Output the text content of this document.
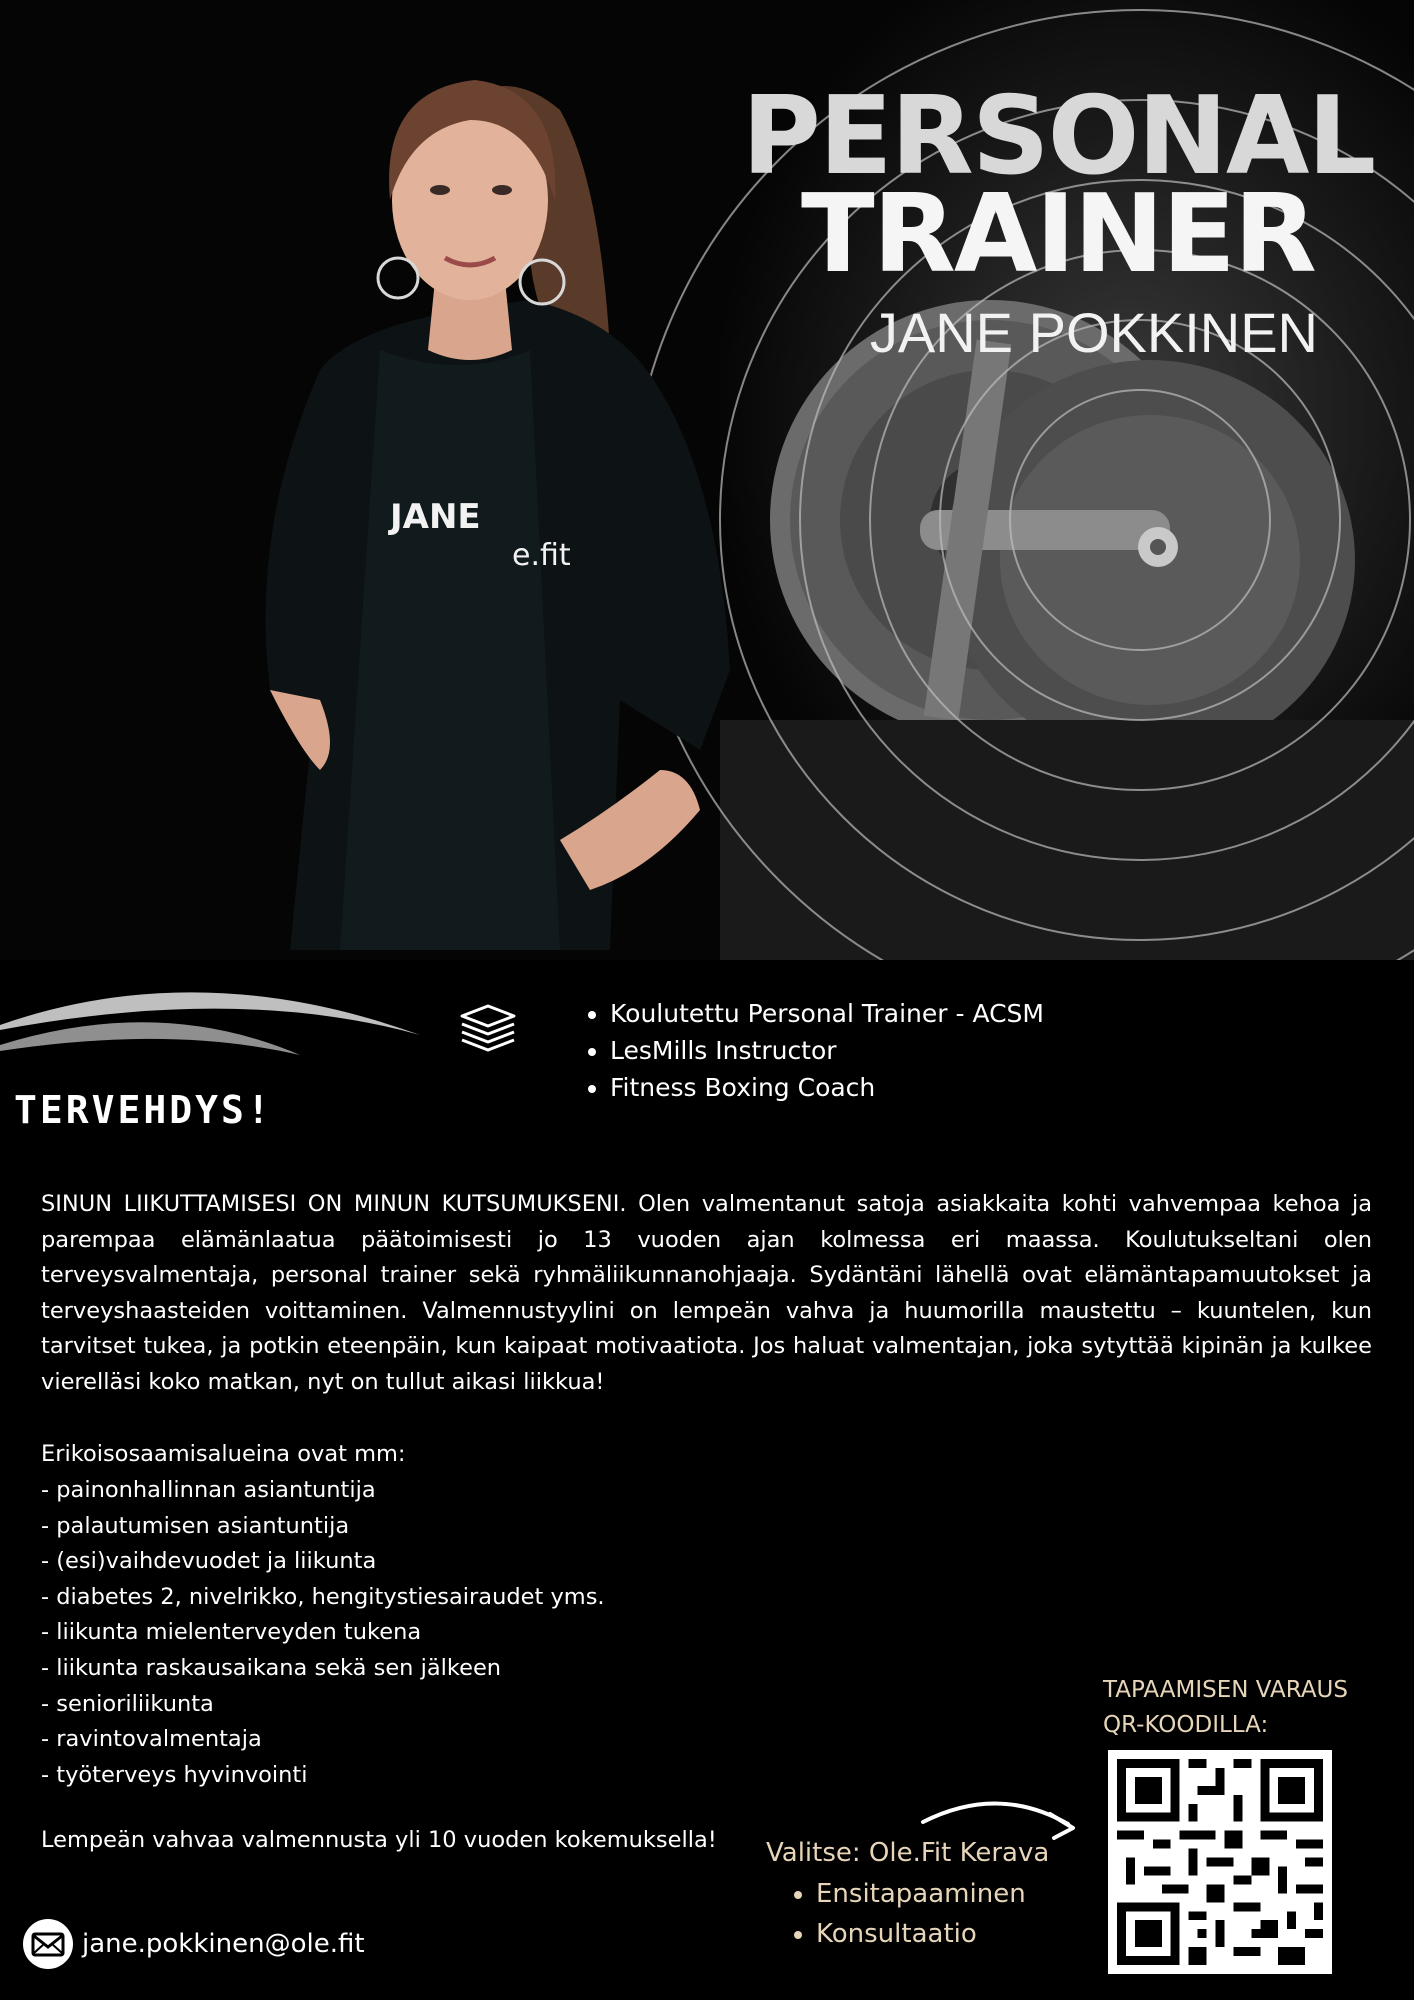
JANE
e.fit
PERSONAL
TRAINER
JANE POKKINEN
• Koulutettu Personal Trainer - ACSM
• LesMills Instructor
• Fitness Boxing Coach
TERVEHDYS!

SINUN LIIKUTTAMISESI ON MINUN KUTSUMUKSENI. Olen valmentanut satoja asiakkaita kohti vahvempaa kehoa ja parempaa elämänlaatua päätoimisesti jo 13 vuoden ajan kolmessa eri maassa. Koulutukseltani olen terveysvalmentaja, personal trainer sekä ryhmäliikunnanohjaaja. Sydäntäni lähellä ovat elämäntapamuutokset ja terveyshaasteiden voittaminen. Valmennustyylini on lempeän vahva ja huumorilla maustettu – kuuntelen, kun tarvitset tukea, ja potkin eteenpäin, kun kaipaat motivaatiota. Jos haluat valmentajan, joka sytyttää kipinän ja kulkee vierelläsi koko matkan, nyt on tullut aikasi liikkua!

Erikoisosaamisalueina ovat mm:
- painonhallinnan asiantuntija
- palautumisen asiantuntija
- (esi)vaihdevuodet ja liikunta
- diabetes 2, nivelrikko, hengitystiesairaudet yms.
- liikunta mielenterveyden tukena
- liikunta raskausaikana sekä sen jälkeen
- senioriliikunta
- ravintovalmentaja
- työterveys hyvinvointi
Lempeän vahvaa valmennusta yli 10 vuoden kokemuksella!
TAPAAMISEN VARAUS
QR-KOODILLA:
Valitse: Ole.Fit Kerava
• Ensitapaaminen
• Konsultaatio
jane.pokkinen@ole.fit
